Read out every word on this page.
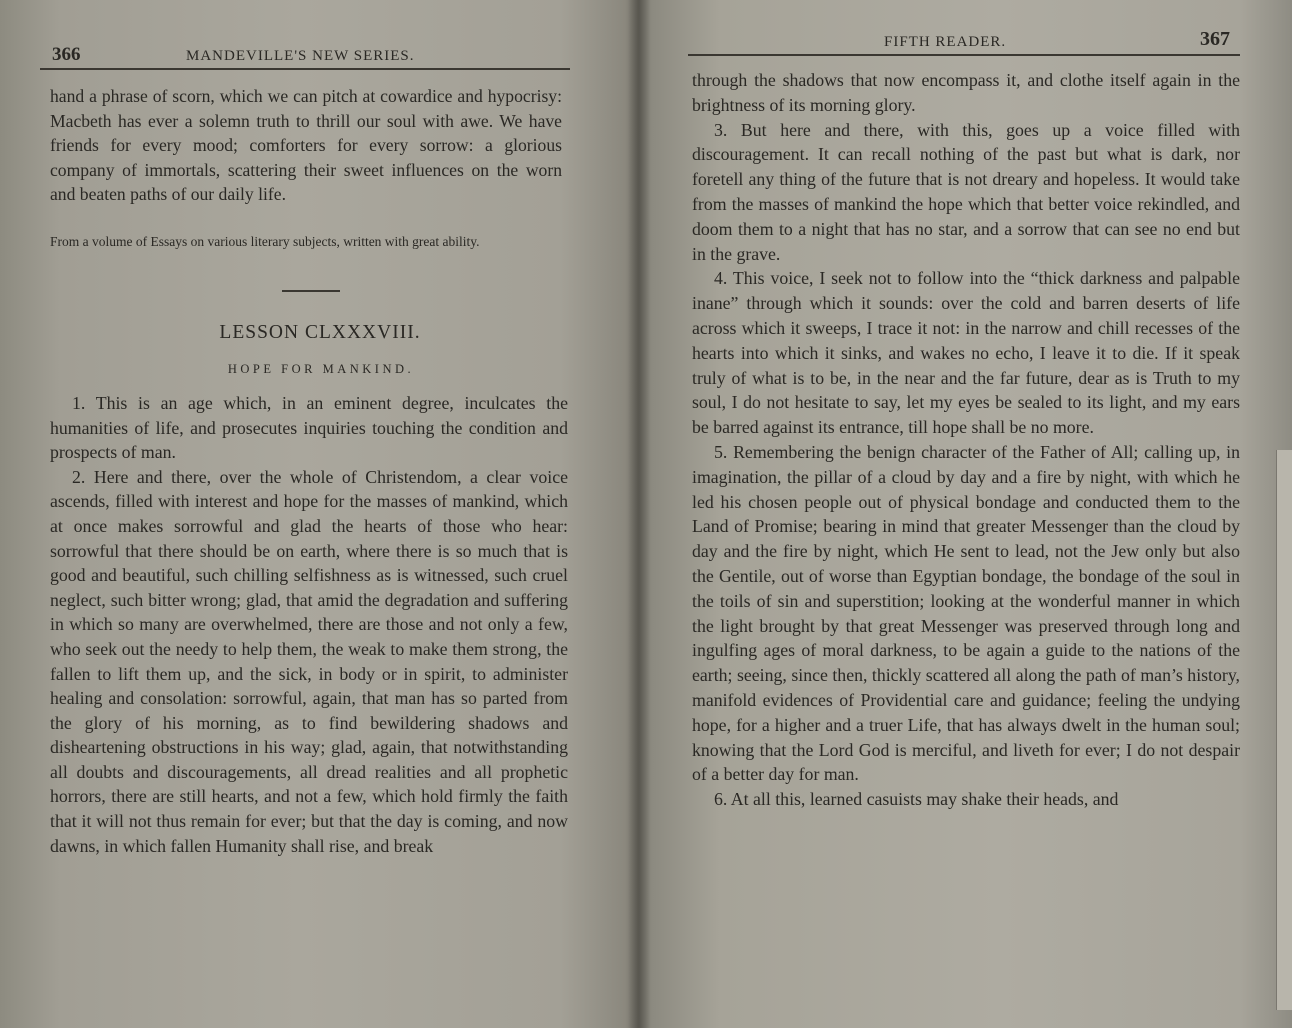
366	MANDEVILLE'S NEW SERIES.

hand a phrase of scorn, which we can pitch at cowardice and hypocrisy: Macbeth has ever a solemn truth to thrill our soul with awe. We have friends for every mood; comforters for every sorrow: a glorious company of immortals, scattering their sweet influences on the worn and beaten paths of our daily life.

From a volume of Essays on various literary subjects, written with great ability.
LESSON CLXXXVIII.
HOPE FOR MANKIND.

1. This is an age which, in an eminent degree, inculcates the humanities of life, and prosecutes inquiries touching the condition and prospects of man.

2. Here and there, over the whole of Christendom, a clear voice ascends, filled with interest and hope for the masses of mankind, which at once makes sorrowful and glad the hearts of those who hear: sorrowful that there should be on earth, where there is so much that is good and beautiful, such chilling selfishness as is witnessed, such cruel neglect, such bitter wrong; glad, that amid the degradation and suffering in which so many are overwhelmed, there are those and not only a few, who seek out the needy to help them, the weak to make them strong, the fallen to lift them up, and the sick, in body or in spirit, to administer healing and consolation: sorrowful, again, that man has so parted from the glory of his morning, as to find bewildering shadows and disheartening obstructions in his way; glad, again, that notwithstanding all doubts and discouragements, all dread realities and all prophetic horrors, there are still hearts, and not a few, which hold firmly the faith that it will not thus remain for ever; but that the day is coming, and now dawns, in which fallen Humanity shall rise, and break

FIFTH READER.	367

through the shadows that now encompass it, and clothe itself again in the brightness of its morning glory.

3. But here and there, with this, goes up a voice filled with discouragement. It can recall nothing of the past but what is dark, nor foretell any thing of the future that is not dreary and hopeless. It would take from the masses of mankind the hope which that better voice rekindled, and doom them to a night that has no star, and a sorrow that can see no end but in the grave.

4. This voice, I seek not to follow into the “thick darkness and palpable inane” through which it sounds: over the cold and barren deserts of life across which it sweeps, I trace it not: in the narrow and chill recesses of the hearts into which it sinks, and wakes no echo, I leave it to die. If it speak truly of what is to be, in the near and the far future, dear as is Truth to my soul, I do not hesitate to say, let my eyes be sealed to its light, and my ears be barred against its entrance, till hope shall be no more.

5. Remembering the benign character of the Father of All; calling up, in imagination, the pillar of a cloud by day and a fire by night, with which he led his chosen people out of physical bondage and conducted them to the Land of Promise; bearing in mind that greater Messenger than the cloud by day and the fire by night, which He sent to lead, not the Jew only but also the Gentile, out of worse than Egyptian bondage, the bondage of the soul in the toils of sin and superstition; looking at the wonderful manner in which the light brought by that great Messenger was preserved through long and ingulfing ages of moral darkness, to be again a guide to the nations of the earth; seeing, since then, thickly scattered all along the path of man’s history, manifold evidences of Providential care and guidance; feeling the undying hope, for a higher and a truer Life, that has always dwelt in the human soul; knowing that the Lord God is merciful, and liveth for ever; I do not despair of a better day for man.

6. At all this, learned casuists may shake their heads, and
